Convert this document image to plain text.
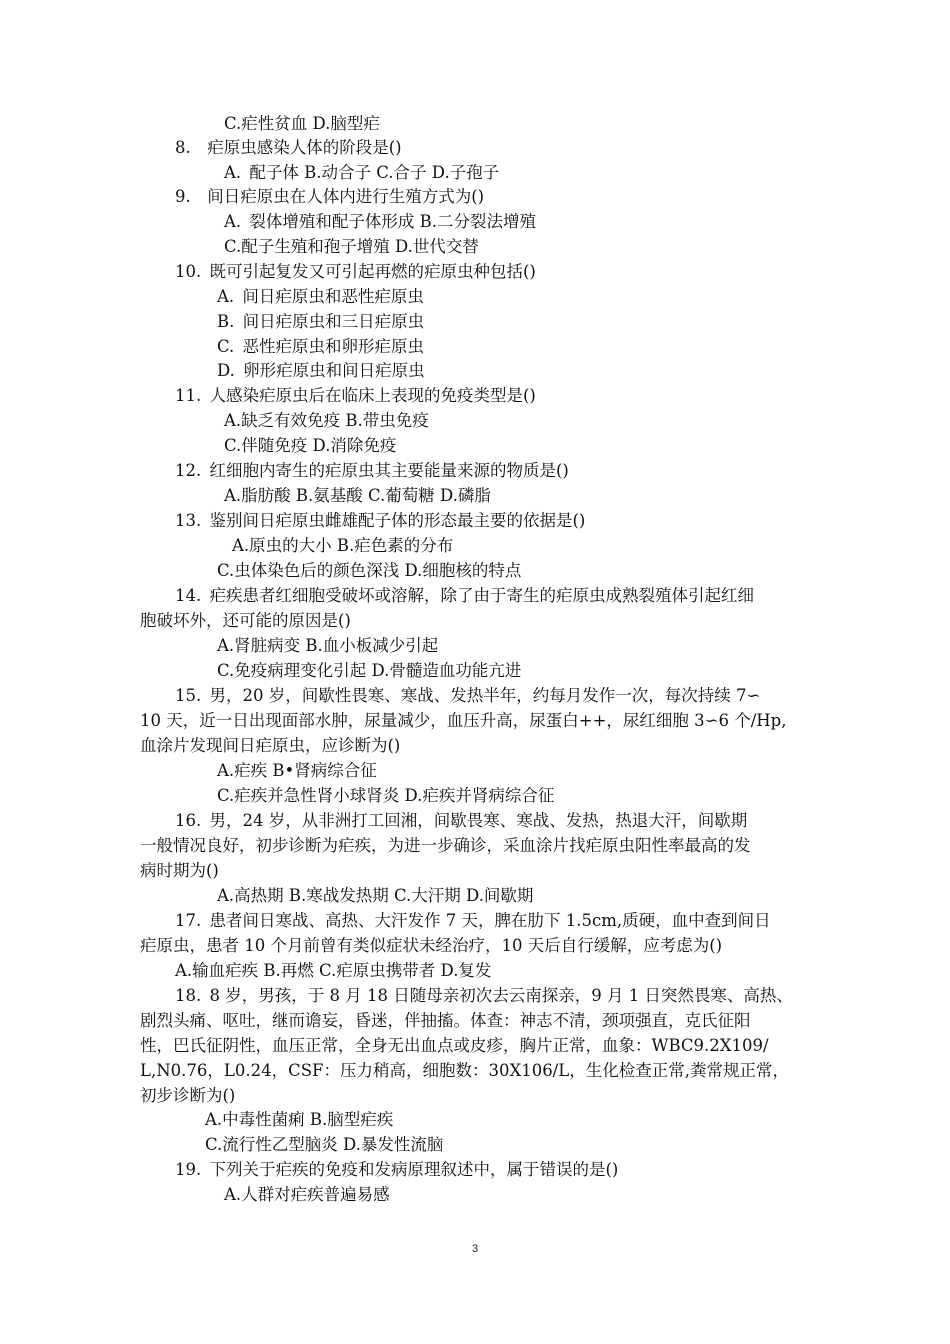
C.疟性贫血 D.脑型疟
8. 疟原虫感染人体的阶段是()
A. 配子体 B.动合子 C.合子 D.子孢子
9. 间日疟原虫在人体内进行生殖方式为()
A. 裂体增殖和配子体形成 B.二分裂法增殖
C.配子生殖和孢子增殖 D.世代交替
10. 既可引起复发又可引起再燃的疟原虫种包括()
A. 间日疟原虫和恶性疟原虫
B. 间日疟原虫和三日疟原虫
C. 恶性疟原虫和卵形疟原虫
D. 卵形疟原虫和间日疟原虫
11. 人感染疟原虫后在临床上表现的免疫类型是()
A.缺乏有效免疫 B.带虫免疫
C.伴随免疫 D.消除免疫
12. 红细胞内寄生的疟原虫其主要能量来源的物质是()
A.脂肪酸 B.氨基酸 C.葡萄糖 D.磷脂
13. 鉴别间日疟原虫雌雄配子体的形态最主要的依据是()
A.原虫的大小 B.疟色素的分布
C.虫体染色后的颜色深浅 D.细胞核的特点
14. 疟疾患者红细胞受破坏或溶解，除了由于寄生的疟原虫成熟裂殖体引起红细
胞破坏外，还可能的原因是()
A.肾脏病变 B.血小板减少引起
C.免疫病理变化引起 D.骨髓造血功能亢进
15. 男，20 岁，间歇性畏寒、寒战、发热半年，约每月发作一次，每次持续 7∽
10 天，近一日出现面部水肿，尿量减少，血压升高，尿蛋白++，尿红细胞 3∽6 个/Hp,
血涂片发现间日疟原虫，应诊断为()
A.疟疾 B•肾病综合征
C.疟疾并急性肾小球肾炎 D.疟疾并肾病综合征
16. 男，24 岁，从非洲打工回湘，间歇畏寒、寒战、发热，热退大汗，间歇期
一般情况良好，初步诊断为疟疾，为进一步确诊，采血涂片找疟原虫阳性率最高的发
病时期为()
A.高热期 B.寒战发热期 C.大汗期 D.间歇期
17. 患者间日寒战、高热、大汗发作 7 天，脾在肋下 1.5cm,质硬，血中查到间日
疟原虫，患者 10 个月前曾有类似症状未经治疗，10 天后自行缓解，应考虑为()
A.输血疟疾 B.再燃 C.疟原虫携带者 D.复发
18. 8 岁，男孩，于 8 月 18 日随母亲初次去云南探亲，9 月 1 日突然畏寒、高热、
剧烈头痛、呕吐，继而谵妄，昏迷，伴抽搐。体查：神志不清，颈项强直，克氏征阳
性，巴氏征阴性，血压正常，全身无出血点或皮疹，胸片正常，血象：WBC9.2X109/
L,N0.76，L0.24，CSF：压力稍高，细胞数：30X106/L，生化检查正常,粪常规正常，
初步诊断为()
A.中毒性菌痢 B.脑型疟疾
C.流行性乙型脑炎 D.暴发性流脑
19. 下列关于疟疾的免疫和发病原理叙述中，属于错误的是()
A.人群对疟疾普遍易感
3
